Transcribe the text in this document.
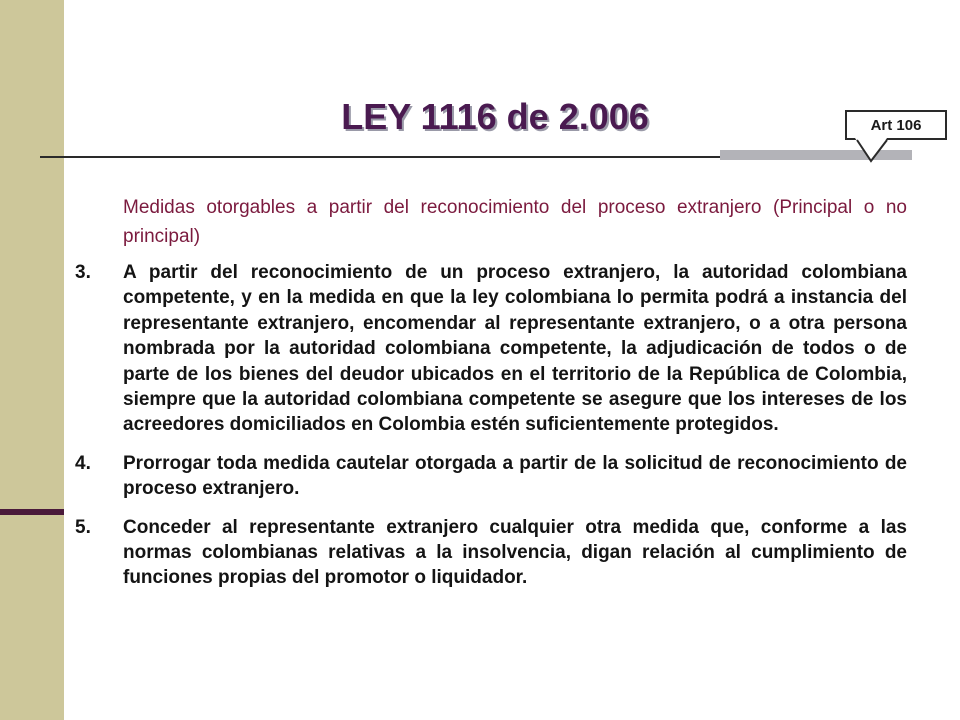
LEY 1116 de 2.006	Art 106
Medidas otorgables a partir del reconocimiento del proceso extranjero (Principal o no principal)
3.	A partir del reconocimiento de un proceso extranjero, la autoridad colombiana competente, y en la medida en que la ley colombiana lo permita podrá a instancia del representante extranjero, encomendar al representante extranjero, o a otra persona nombrada por la autoridad colombiana competente, la adjudicación de todos o de parte de los bienes del deudor ubicados en el territorio de la República de Colombia, siempre que la autoridad colombiana competente se asegure que los intereses de los acreedores domiciliados en Colombia estén suficientemente protegidos.
4.	Prorrogar toda medida cautelar otorgada a partir de la solicitud de reconocimiento de proceso extranjero.
5.	Conceder al representante extranjero cualquier otra medida que, conforme a las normas colombianas relativas a la insolvencia, digan relación al cumplimiento de funciones propias del promotor o liquidador.
